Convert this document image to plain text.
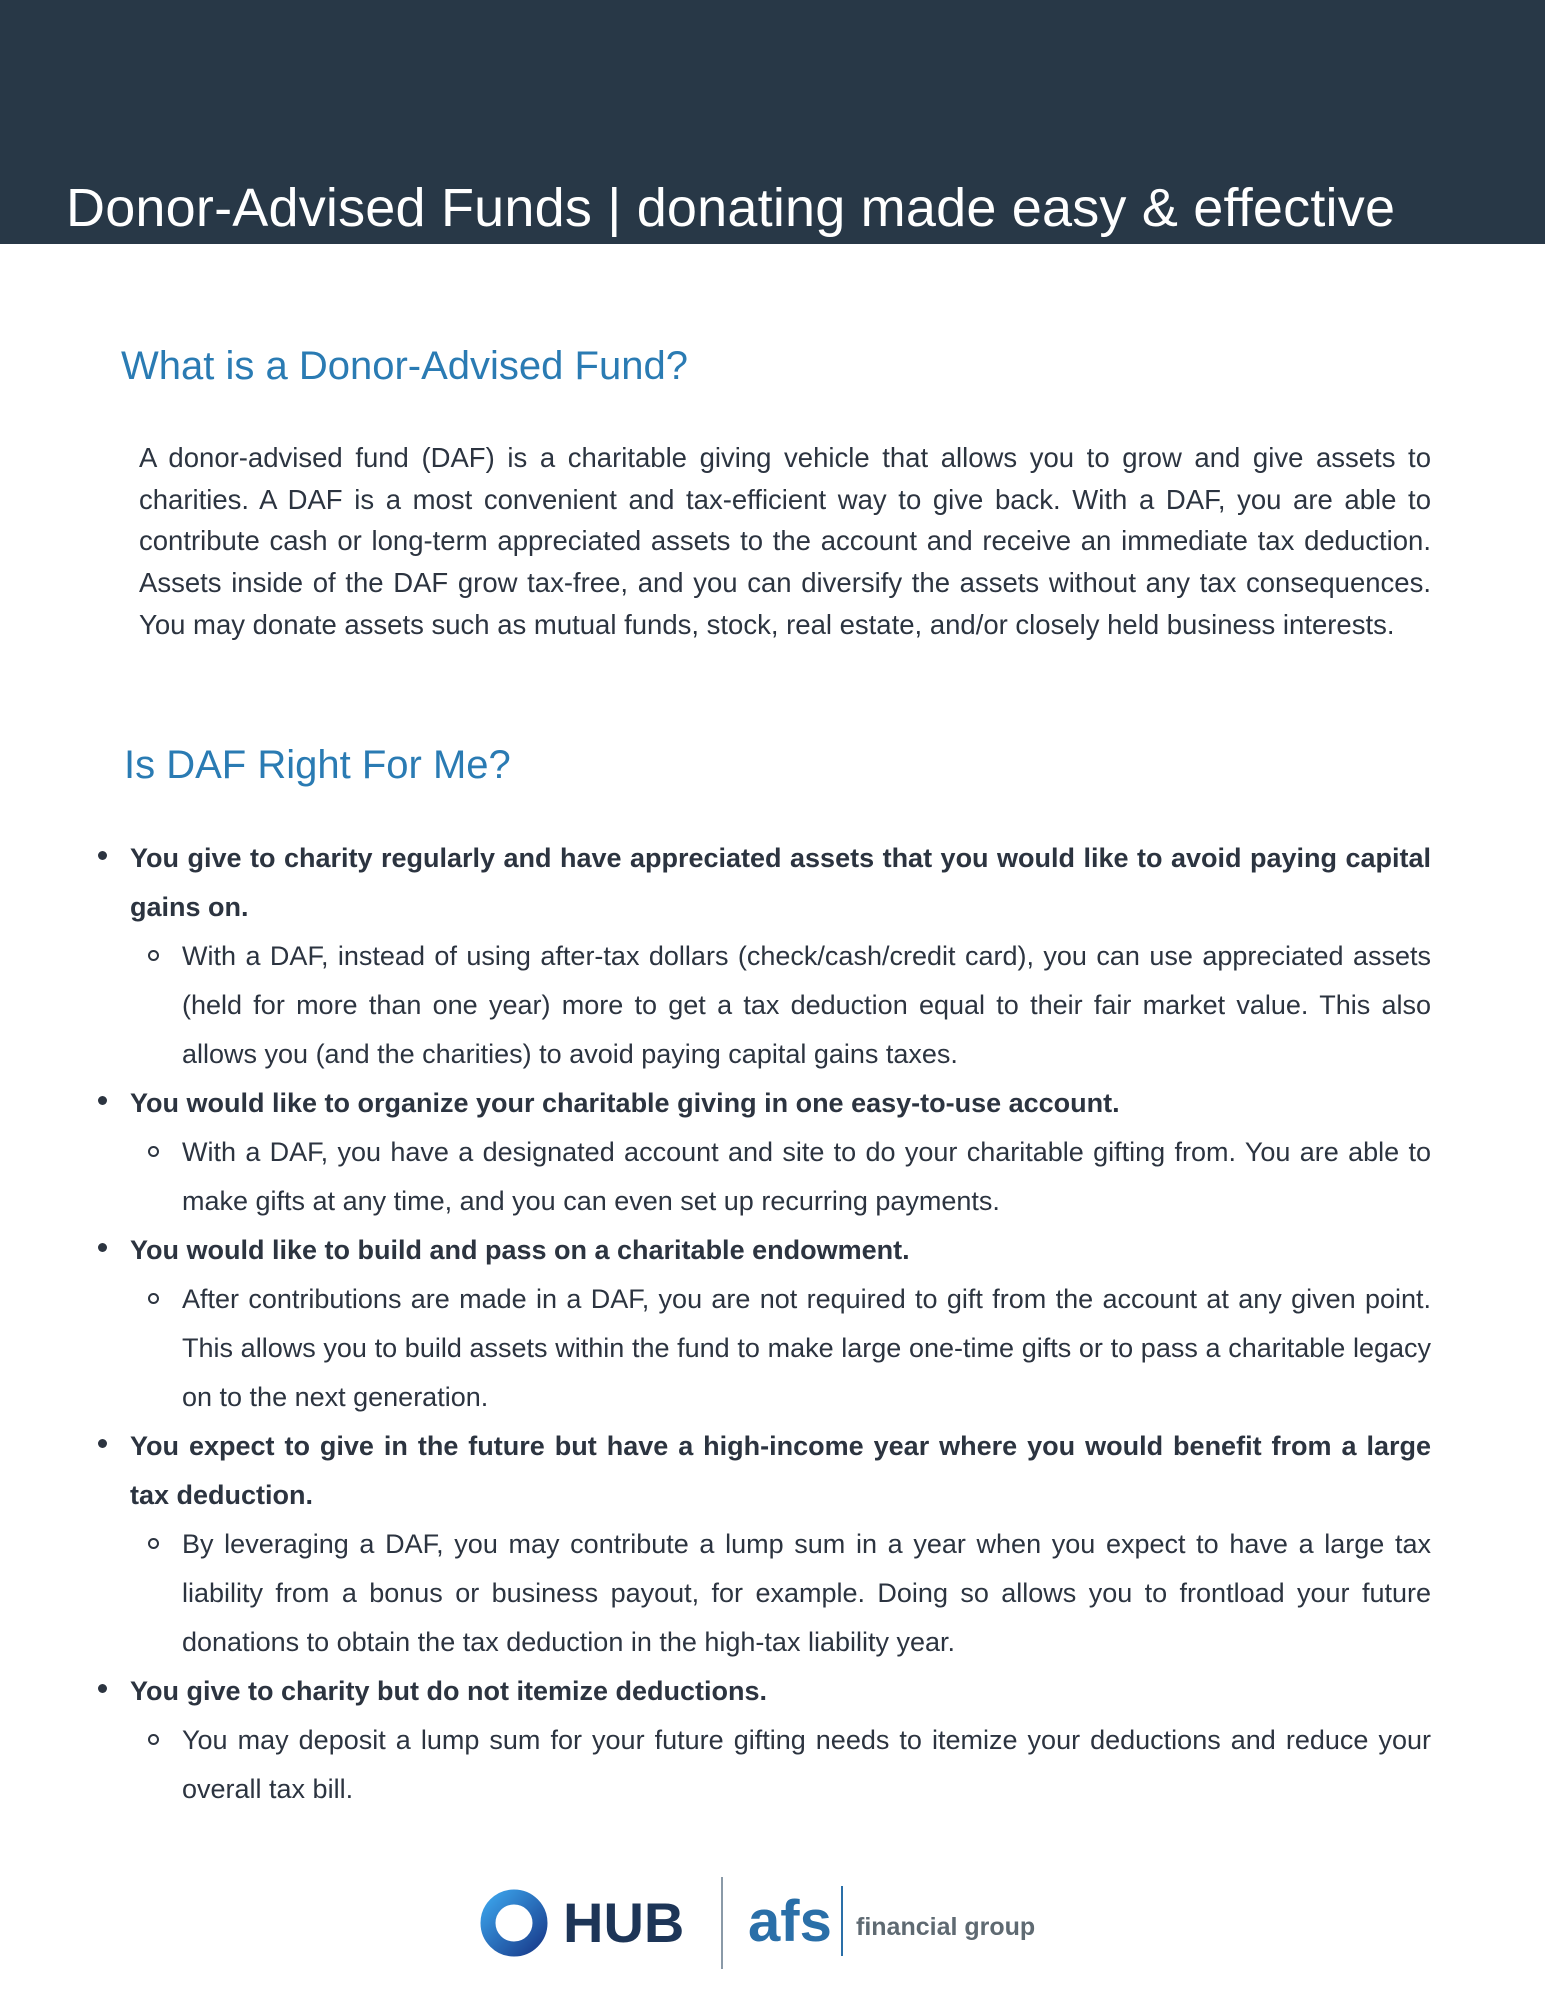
Donor-Advised Funds | donating made easy & effective
What is a Donor-Advised Fund?

A donor-advised fund (DAF) is a charitable giving vehicle that allows you to grow and give assets to charities. A DAF is a most convenient and tax-efficient way to give back. With a DAF, you are able to contribute cash or long-term appreciated assets to the account and receive an immediate tax deduction. Assets inside of the DAF grow tax-free, and you can diversify the assets without any tax consequences. You may donate assets such as mutual funds, stock, real estate, and/or closely held business interests.

Is DAF Right For Me?
You give to charity regularly and have appreciated assets that you would like to avoid paying capital gains on.
With a DAF, instead of using after-tax dollars (check/cash/credit card), you can use appreciated assets (held for more than one year) more to get a tax deduction equal to their fair market value. This also allows you (and the charities) to avoid paying capital gains taxes.
You would like to organize your charitable giving in one easy-to-use account.
With a DAF, you have a designated account and site to do your charitable gifting from. You are able to make gifts at any time, and you can even set up recurring payments.
You would like to build and pass on a charitable endowment.
After contributions are made in a DAF, you are not required to gift from the account at any given point. This allows you to build assets within the fund to make large one-time gifts or to pass a charitable legacy on to the next generation.
You expect to give in the future but have a high-income year where you would benefit from a large tax deduction.
By leveraging a DAF, you may contribute a lump sum in a year when you expect to have a large tax liability from a bonus or business payout, for example. Doing so allows you to frontload your future donations to obtain the tax deduction in the high-tax liability year.
You give to charity but do not itemize deductions.
You may deposit a lump sum for your future gifting needs to itemize your deductions and reduce your overall tax bill.
HUB afs financial group
